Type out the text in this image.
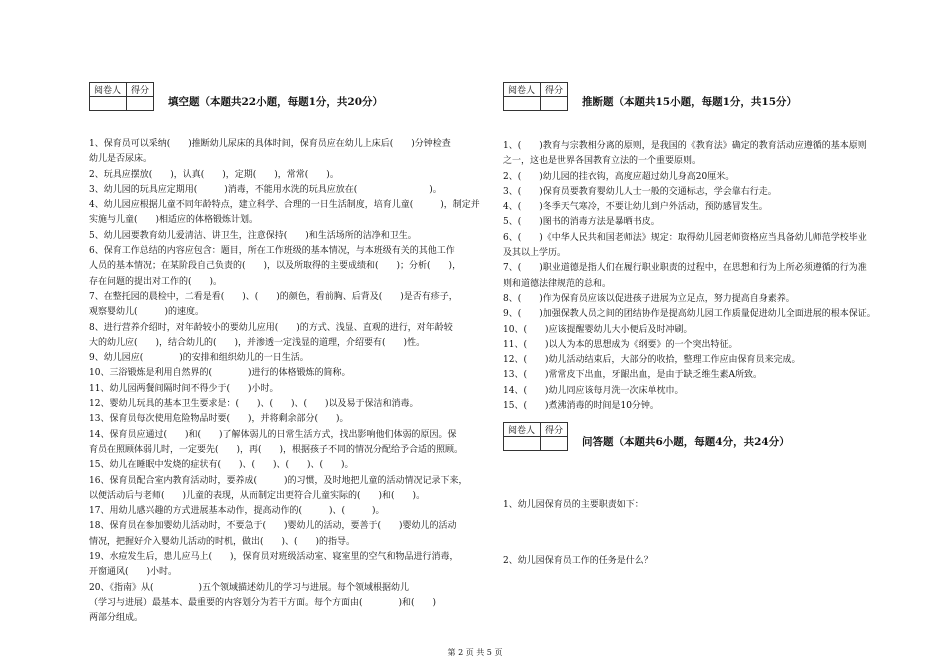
阅卷人	得分

填空题（本题共22小题，每题1分，共20分）

1、保育员可以采纳(　　)推断幼儿尿床的具体时间，保育员应在幼儿上床后(　　)分钟检查

幼儿是否尿床。

2、玩具应摆放(　　)，认真(　　)，定期(　　)，常常(　　)。

3、幼儿园的玩具应定期用(　　　)消毒，不能用水洗的玩具应放在(　　　　　　　　)。

4、幼儿园应根据儿童不同年龄特点，建立科学、合理的一日生活制度，培育儿童(　　　)，制定并实施与儿童(　　)相适应的体格锻炼计划。

5、幼儿园要教育幼儿爱清洁、讲卫生，注意保持(　　)和生活场所的洁净和卫生。

6、保育工作总结的内容应包含：题目，所在工作班级的基本情况，与本班级有关的其他工作

人员的基本情况；在某阶段自己负责的(　　)，以及所取得的主要成绩和(　　)；分析(　　)，

存在问题的提出对工作的(　　)。

7、在整托园的晨检中，二看是看(　　)、(　　)的颜色，看前胸、后背及(　　)是否有疹子，

观察婴幼儿(　　　)的速度。

8、进行营养介绍时，对年龄较小的要幼儿应用(　　)的方式、浅显、直观的进行，对年龄较

大的幼儿应(　　)，结合幼儿的(　　)，并渗透一定浅显的道理，介绍要有(　　)性。

9、幼儿园应(　　　　)的安排和组织幼儿的一日生活。

10、三浴锻炼是利用自然界的(　　　　)进行的体格锻炼的简称。

11、幼儿园两餐间隔时间不得少于(　　)小时。

12、婴幼儿玩具的基本卫生要求是：(　　)、(　　)、(　　)以及易于保洁和消毒。

13、保育员每次使用危险物品时要(　　)，并将剩余部分(　　)。

14、保育员应通过(　　)和(　　)了解体弱儿的日常生活方式，找出影响他们体弱的原因。保

育员在照顾体弱儿时，一定要先(　　)，再(　　)，根据孩子不同的情况分配给予合适的照顾。

15、幼儿在睡眠中发烧的症状有(　　)、(　　)、(　　)、(　　)。

16、保育员配合室内教育活动时，要养成(　　　)的习惯，及时地把儿童的活动情况记录下来，

以便活动后与老师(　　)儿童的表现，从而制定出更符合儿童实际的(　　)和(　　)。

17、用幼儿感兴趣的方式进展基本动作，提高动作的(　　　)、(　　　)。

18、保育员在参加婴幼儿活动时，不要急于(　　)婴幼儿的活动，要善于(　　)婴幼儿的活动

情况，把握好介入婴幼儿活动的时机，做出(　　)、(　　)的指导。

19、水痘发生后，患儿应马上(　　)，保育员对班级活动室、寝室里的空气和物品进行消毒，

开窗通风(　　)小时。

20、《指南》从(　　　　　)五个领域描述幼儿的学习与进展。每个领域根据幼儿

（学习与进展）最基本、最重要的内容划分为若干方面。每个方面由(　　　　)和(　　)

两部分组成。

阅卷人	得分

推断题（本题共15小题，每题1分，共15分）

1、(　　)教育与宗教相分离的原则，是我国的《教育法》确定的教育活动应遵循的基本原则

之一，这也是世界各国教育立法的一个重要原则。

2、(　　)幼儿园的挂衣钩，高度应超过幼儿身高20厘米。

3、(　　)保育员要教育婴幼儿人士一般的交通标志，学会靠右行走。

4、(　　)冬季天气寒冷，不要让幼儿到户外活动，预防感冒发生。

5、(　　)图书的消毒方法是暴晒书皮。

6、(　　)《中华人民共和国老师法》规定：取得幼儿园老师资格应当具备幼儿师范学校毕业

及其以上学历。

7、(　　)职业道德是指人们在履行职业职责的过程中，在思想和行为上所必须遵循的行为准

则和道德法律规范的总和。

8、(　　)作为保育员应该以促进孩子进展为立足点，努力提高自身素养。

9、(　　)加强保教人员之间的团结协作是提高幼儿园工作质量促进幼儿全面进展的根本保证。

10、(　　)应该提醒婴幼儿大小便后及时冲刷。

11、(　　)以人为本的思想成为《纲要》的一个突出特征。

12、(　　)幼儿活动结束后，大部分的收拾，整理工作应由保育员来完成。

13、(　　)常常皮下出血，牙龈出血，是由于缺乏维生素A所致。

14、(　　)幼儿同应该每月洗一次床单枕巾。

15、(　　)煮沸消毒的时间是10分钟。

阅卷人	得分

问答题（本题共6小题，每题4分，共24分）

1、幼儿园保育员的主要职责如下：

2、幼儿园保育员工作的任务是什么？

第 2 页 共 5 页
